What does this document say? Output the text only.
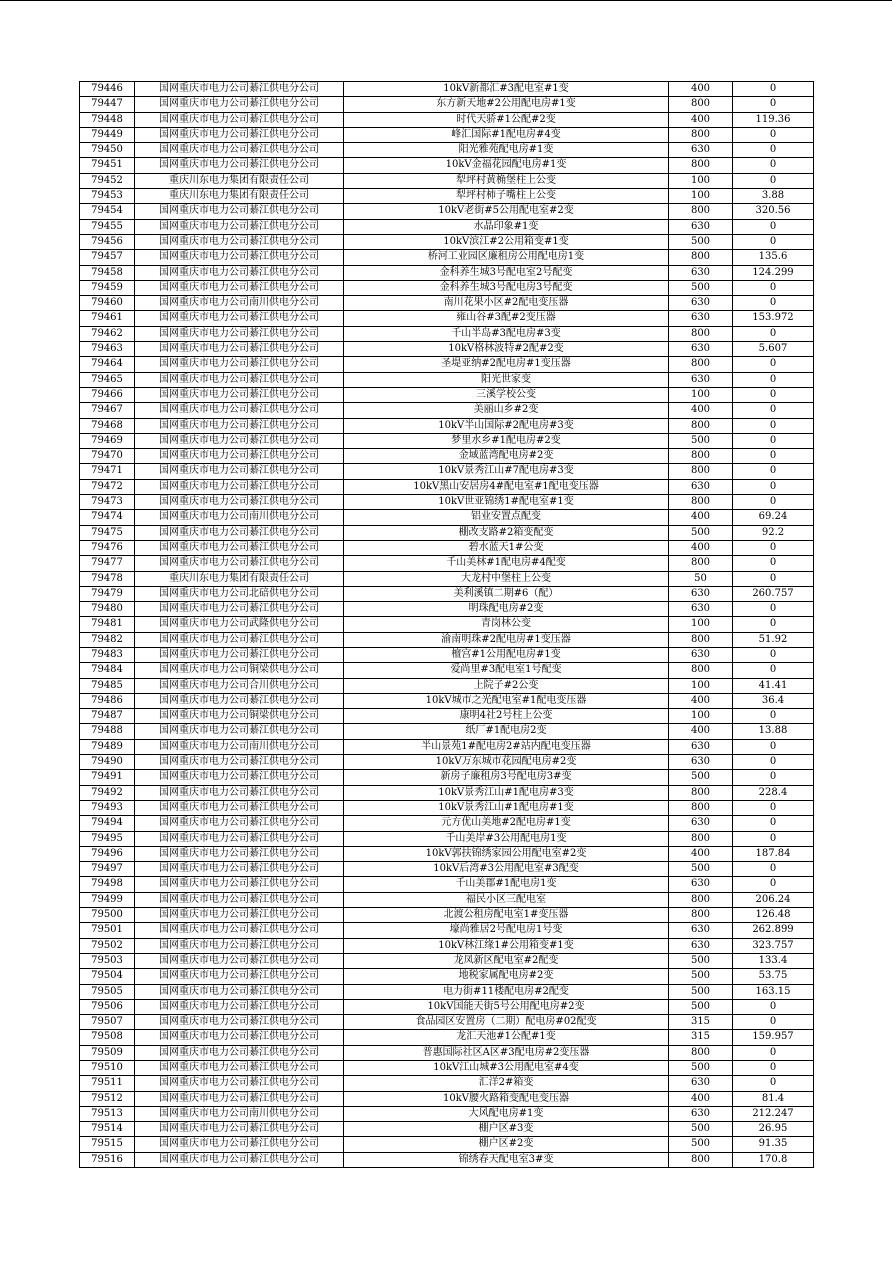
79446	国网重庆市电力公司綦江供电分公司	10kV新都汇#3配电室#1变	400	0
79447	国网重庆市电力公司綦江供电分公司	东方新天地#2公用配电房#1变	800	0
79448	国网重庆市电力公司綦江供电分公司	时代天骄#1公配#2变	400	119.36
79449	国网重庆市电力公司綦江供电分公司	峰汇国际#1配电房#4变	800	0
79450	国网重庆市电力公司綦江供电分公司	阳光雅苑配电房#1变	630	0
79451	国网重庆市电力公司綦江供电分公司	10kV金福花园配电房#1变	800	0
79452	重庆川东电力集团有限责任公司	犁坪村黄桷堡柱上公变	100	0
79453	重庆川东电力集团有限责任公司	犁坪村柿子嘴柱上公变	100	3.88
79454	国网重庆市电力公司綦江供电分公司	10kV老街#5公用配电室#2变	800	320.56
79455	国网重庆市电力公司綦江供电分公司	水晶印象#1变	630	0
79456	国网重庆市电力公司綦江供电分公司	10kV滨江#2公用箱变#1变	500	0
79457	国网重庆市电力公司綦江供电分公司	桥河工业园区廉租房公用配电房1变	800	135.6
79458	国网重庆市电力公司綦江供电分公司	金科养生城3号配电室2号配变	630	124.299
79459	国网重庆市电力公司綦江供电分公司	金科养生城3号配电房3号配变	500	0
79460	国网重庆市电力公司南川供电分公司	南川花果小区#2配电变压器	630	0
79461	国网重庆市电力公司綦江供电分公司	雍山谷#3配#2变压器	630	153.972
79462	国网重庆市电力公司綦江供电分公司	千山半岛#3配电房#3变	800	0
79463	国网重庆市电力公司綦江供电分公司	10kV格林波特#2配#2变	630	5.607
79464	国网重庆市电力公司綦江供电分公司	圣堤亚纳#2配电房#1变压器	800	0
79465	国网重庆市电力公司綦江供电分公司	阳光世家变	630	0
79466	国网重庆市电力公司綦江供电分公司	三溪学校公变	100	0
79467	国网重庆市电力公司綦江供电分公司	美丽山乡#2变	400	0
79468	国网重庆市电力公司綦江供电分公司	10kV半山国际#2配电房#3变	800	0
79469	国网重庆市电力公司綦江供电分公司	梦里水乡#1配电房#2变	500	0
79470	国网重庆市电力公司綦江供电分公司	金域蓝湾配电房#2变	800	0
79471	国网重庆市电力公司綦江供电分公司	10kV景秀江山#7配电房#3变	800	0
79472	国网重庆市电力公司綦江供电分公司	10kV黑山安居房4#配电室#1配电变压器	630	0
79473	国网重庆市电力公司綦江供电分公司	10kV世亚锦绣1#配电室#1变	800	0
79474	国网重庆市电力公司南川供电分公司	铝业安置点配变	400	69.24
79475	国网重庆市电力公司綦江供电分公司	棚改支路#2箱变配变	500	92.2
79476	国网重庆市电力公司綦江供电分公司	碧水蓝天1#公变	400	0
79477	国网重庆市电力公司綦江供电分公司	千山美林#1配电房#4配变	800	0
79478	重庆川东电力集团有限责任公司	大龙村中堡柱上公变	50	0
79479	国网重庆市电力公司北碚供电分公司	美利溪镇二期#6（配）	630	260.757
79480	国网重庆市电力公司綦江供电分公司	明珠配电房#2变	630	0
79481	国网重庆市电力公司武隆供电分公司	青岗林公变	100	0
79482	国网重庆市电力公司綦江供电分公司	渝南明珠#2配电房#1变压器	800	51.92
79483	国网重庆市电力公司綦江供电分公司	檀宫#1公用配电房#1变	630	0
79484	国网重庆市电力公司铜梁供电分公司	爱尚里#3配电室1号配变	800	0
79485	国网重庆市电力公司合川供电分公司	上院子#2公变	100	41.41
79486	国网重庆市电力公司綦江供电分公司	10kV城市之光配电室#1配电变压器	400	36.4
79487	国网重庆市电力公司铜梁供电分公司	康明4社2号柱上公变	100	0
79488	国网重庆市电力公司綦江供电分公司	纸厂#1配电房2变	400	13.88
79489	国网重庆市电力公司南川供电分公司	半山景苑1#配电房2#站内配电变压器	630	0
79490	国网重庆市电力公司綦江供电分公司	10kV万东城市花园配电房#2变	630	0
79491	国网重庆市电力公司綦江供电分公司	新房子廉租房3号配电房3#变	500	0
79492	国网重庆市电力公司綦江供电分公司	10kV景秀江山#1配电房#3变	800	228.4
79493	国网重庆市电力公司綦江供电分公司	10kV景秀江山#1配电房#1变	800	0
79494	国网重庆市电力公司綦江供电分公司	元方优山美地#2配电房#1变	630	0
79495	国网重庆市电力公司綦江供电分公司	千山美岸#3公用配电房1变	800	0
79496	国网重庆市电力公司綦江供电分公司	10kV郭扶锦绣家园公用配电室#2变	400	187.84
79497	国网重庆市电力公司綦江供电分公司	10kV后湾#3公用配电室#3配变	500	0
79498	国网重庆市电力公司綦江供电分公司	千山美郡#1配电房1变	630	0
79499	国网重庆市电力公司綦江供电分公司	福民小区三配电室	800	206.24
79500	国网重庆市电力公司綦江供电分公司	北渡公租房配电室1#变压器	800	126.48
79501	国网重庆市电力公司綦江供电分公司	壕尚雅居2号配电房1号变	630	262.899
79502	国网重庆市电力公司綦江供电分公司	10kV林江缘1#公用箱变#1变	630	323.757
79503	国网重庆市电力公司綦江供电分公司	龙凤新区配电室#2配变	500	133.4
79504	国网重庆市电力公司綦江供电分公司	地税家属配电房#2变	500	53.75
79505	国网重庆市电力公司綦江供电分公司	电力街#11楼配电房#2配变	500	163.15
79506	国网重庆市电力公司綦江供电分公司	10kV国能天街5号公用配电房#2变	500	0
79507	国网重庆市电力公司綦江供电分公司	食品园区安置房（二期）配电房#02配变	315	0
79508	国网重庆市电力公司綦江供电分公司	龙汇天池#1公配#1变	315	159.957
79509	国网重庆市电力公司綦江供电分公司	普惠国际社区A区#3配电房#2变压器	800	0
79510	国网重庆市电力公司綦江供电分公司	10kV江山城#3公用配电室#4变	500	0
79511	国网重庆市电力公司綦江供电分公司	汇洋2#箱变	630	0
79512	国网重庆市电力公司綦江供电分公司	10kV腰火路箱变配电变压器	400	81.4
79513	国网重庆市电力公司南川供电分公司	大风配电房#1变	630	212.247
79514	国网重庆市电力公司綦江供电分公司	棚户区#3变	500	26.95
79515	国网重庆市电力公司綦江供电分公司	棚户区#2变	500	91.35
79516	国网重庆市电力公司綦江供电分公司	锦绣春天配电室3#变	800	170.8
